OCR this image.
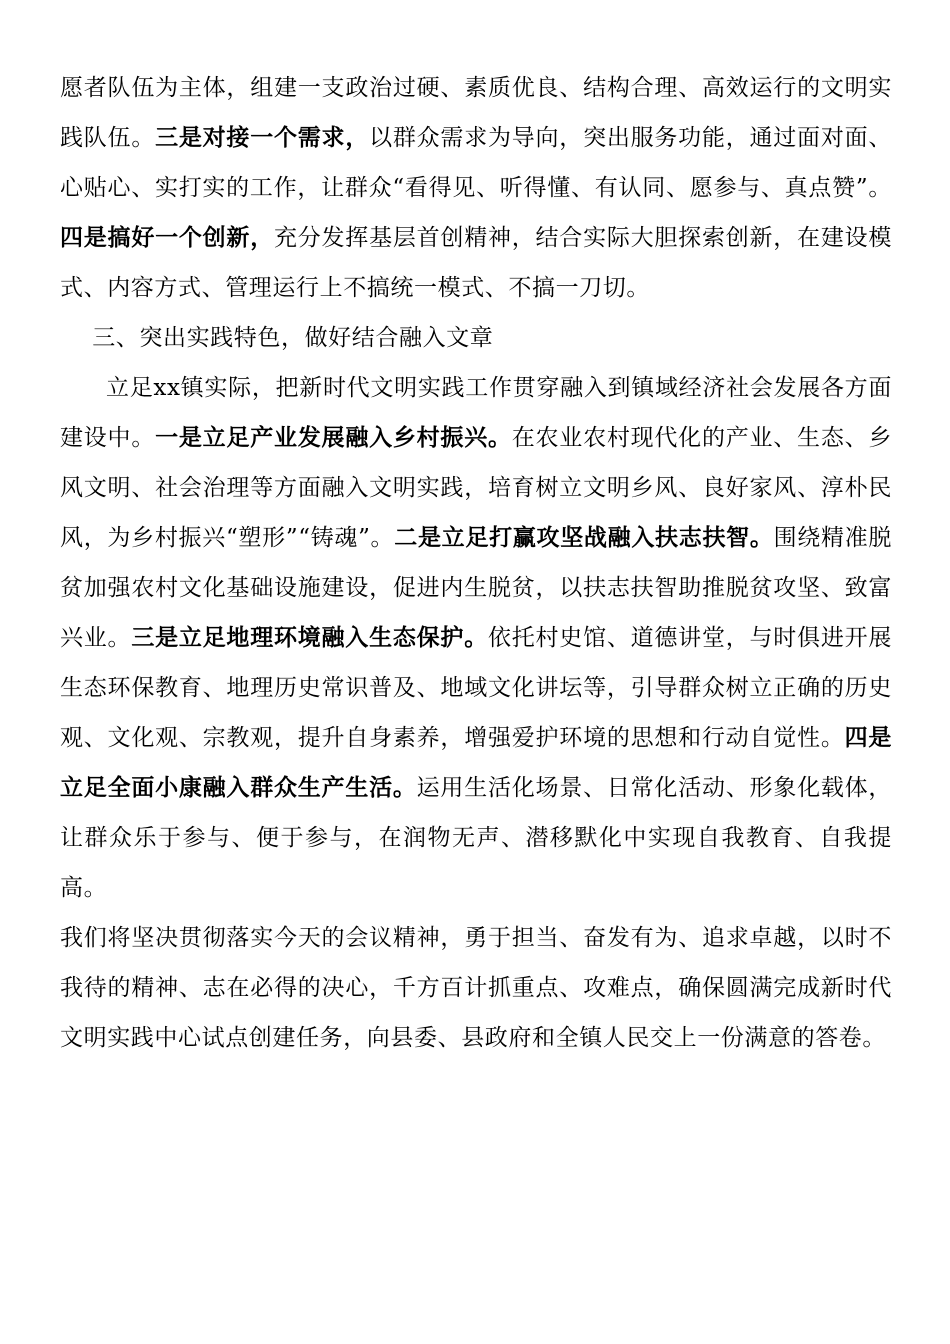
愿者队伍为主体，组建一支政治过硬、素质优良、结构合理、高效运行的文明实践队伍。三是对接一个需求，以群众需求为导向，突出服务功能，通过面对面、心贴心、实打实的工作，让群众“看得见、听得懂、有认同、愿参与、真点赞”。四是搞好一个创新，充分发挥基层首创精神，结合实际大胆探索创新，在建设模式、内容方式、管理运行上不搞统一模式、不搞一刀切。

三、突出实践特色，做好结合融入文章

立足xx镇实际，把新时代文明实践工作贯穿融入到镇域经济社会发展各方面建设中。一是立足产业发展融入乡村振兴。在农业农村现代化的产业、生态、乡风文明、社会治理等方面融入文明实践，培育树立文明乡风、良好家风、淳朴民风，为乡村振兴“塑形”“铸魂”。二是立足打赢攻坚战融入扶志扶智。围绕精准脱贫加强农村文化基础设施建设，促进内生脱贫，以扶志扶智助推脱贫攻坚、致富兴业。三是立足地理环境融入生态保护。依托村史馆、道德讲堂，与时俱进开展生态环保教育、地理历史常识普及、地域文化讲坛等，引导群众树立正确的历史观、文化观、宗教观，提升自身素养，增强爱护环境的思想和行动自觉性。四是立足全面小康融入群众生产生活。运用生活化场景、日常化活动、形象化载体，让群众乐于参与、便于参与，在润物无声、潜移默化中实现自我教育、自我提高。

我们将坚决贯彻落实今天的会议精神，勇于担当、奋发有为、追求卓越，以时不我待的精神、志在必得的决心，千方百计抓重点、攻难点，确保圆满完成新时代文明实践中心试点创建任务，向县委、县政府和全镇人民交上一份满意的答卷。
